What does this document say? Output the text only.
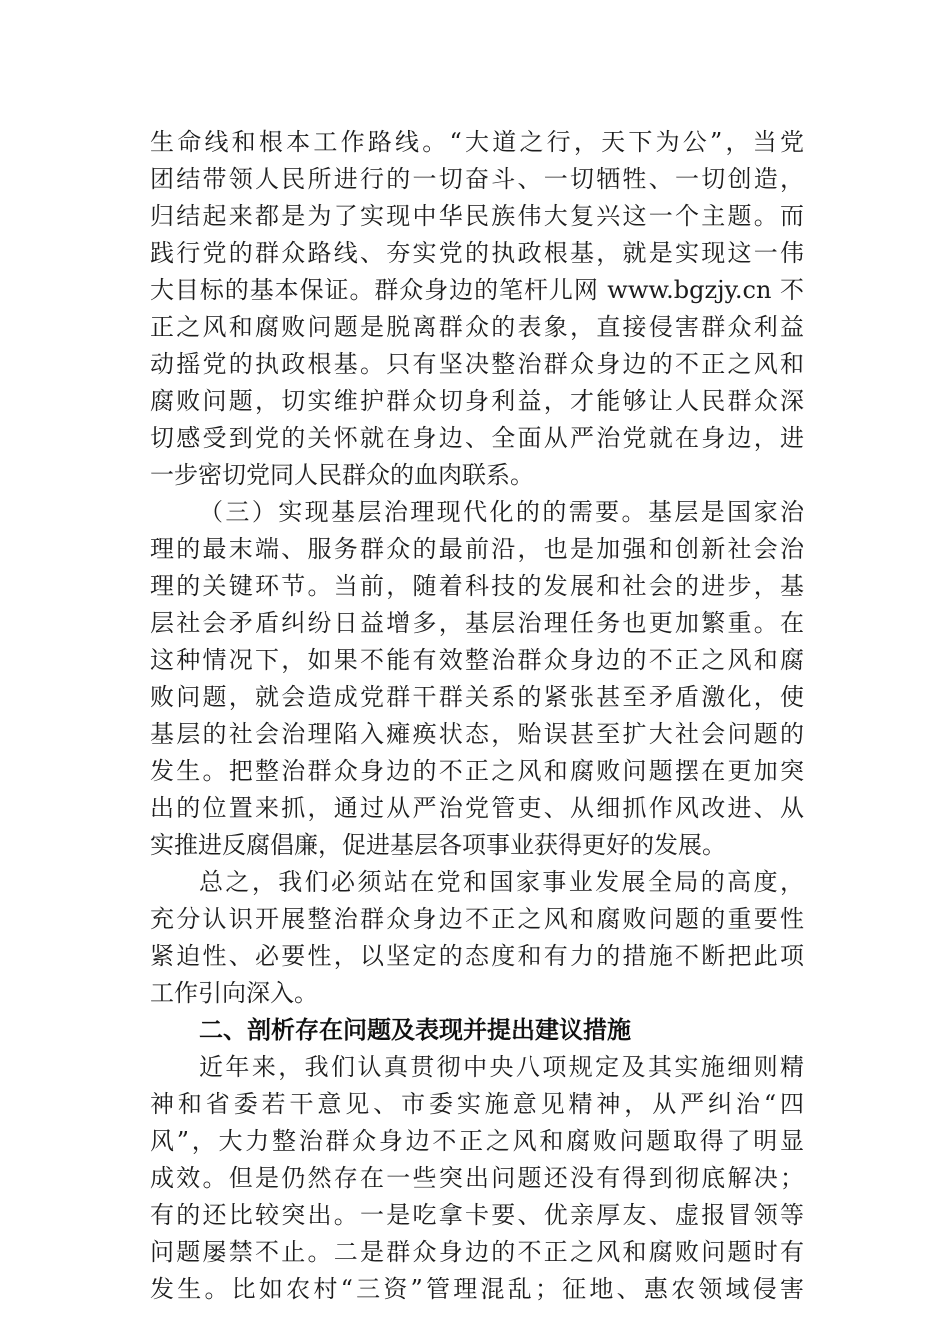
生命线和根本工作路线。“大道之行，天下为公”，当党
团结带领人民所进行的一切奋斗、一切牺牲、一切创造，
归结起来都是为了实现中华民族伟大复兴这一个主题。而
践行党的群众路线、夯实党的执政根基，就是实现这一伟
大目标的基本保证。群众身边的笔杆儿网 www.bgzjy.cn 不
正之风和腐败问题是脱离群众的表象，直接侵害群众利益
动摇党的执政根基。只有坚决整治群众身边的不正之风和
腐败问题，切实维护群众切身利益，才能够让人民群众深
切感受到党的关怀就在身边、全面从严治党就在身边，进
一步密切党同人民群众的血肉联系。
（三）实现基层治理现代化的的需要。基层是国家治
理的最末端、服务群众的最前沿，也是加强和创新社会治
理的关键环节。当前，随着科技的发展和社会的进步，基
层社会矛盾纠纷日益增多，基层治理任务也更加繁重。在
这种情况下，如果不能有效整治群众身边的不正之风和腐
败问题，就会造成党群干群关系的紧张甚至矛盾激化，使
基层的社会治理陷入瘫痪状态，贻误甚至扩大社会问题的
发生。把整治群众身边的不正之风和腐败问题摆在更加突
出的位置来抓，通过从严治党管吏、从细抓作风改进、从
实推进反腐倡廉，促进基层各项事业获得更好的发展。
总之，我们必须站在党和国家事业发展全局的高度，
充分认识开展整治群众身边不正之风和腐败问题的重要性
紧迫性、必要性，以坚定的态度和有力的措施不断把此项
工作引向深入。
二、剖析存在问题及表现并提出建议措施
近年来，我们认真贯彻中央八项规定及其实施细则精
神和省委若干意见、市委实施意见精神，从严纠治“四
风”，大力整治群众身边不正之风和腐败问题取得了明显
成效。但是仍然存在一些突出问题还没有得到彻底解决；
有的还比较突出。一是吃拿卡要、优亲厚友、虚报冒领等
问题屡禁不止。二是群众身边的不正之风和腐败问题时有
发生。比如农村“三资”管理混乱；征地、惠农领域侵害
